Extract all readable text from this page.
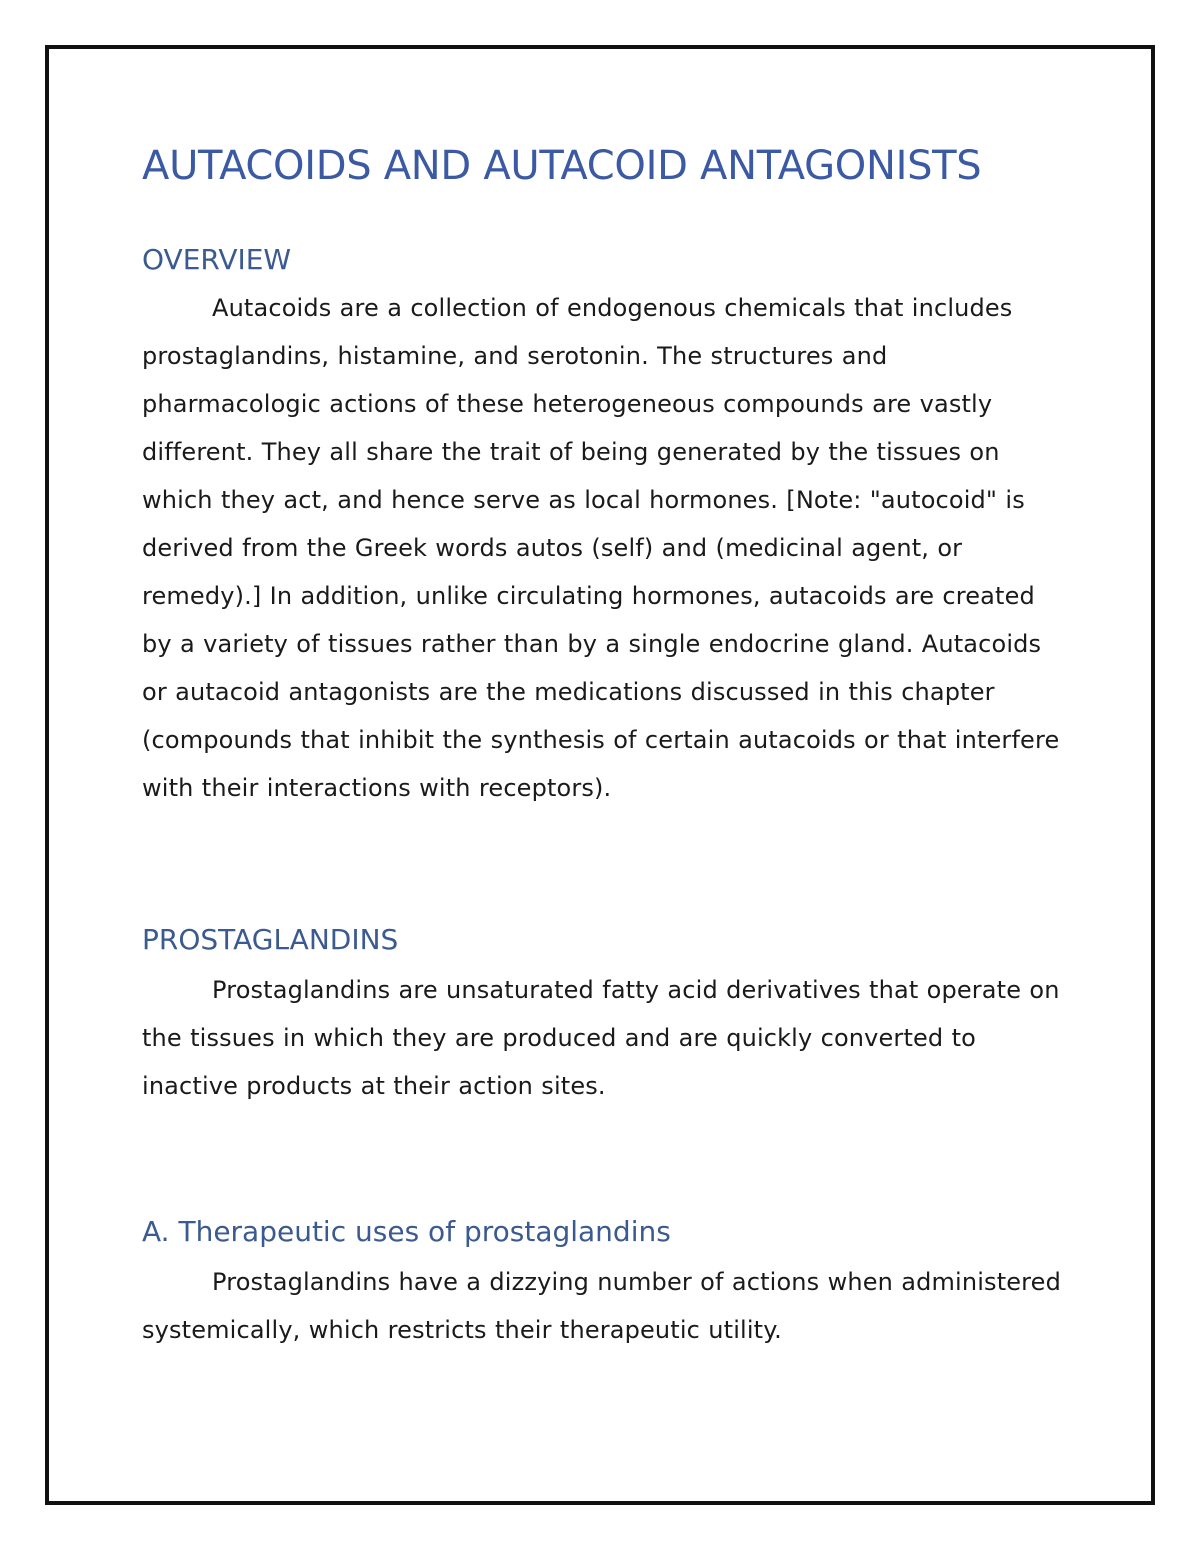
AUTACOIDS AND AUTACOID ANTAGONISTS
OVERVIEW

Autacoids are a collection of endogenous chemicals that includes prostaglandins, histamine, and serotonin. The structures and pharmacologic actions of these heterogeneous compounds are vastly different. They all share the trait of being generated by the tissues on which they act, and hence serve as local hormones. [Note: "autocoid" is derived from the Greek words autos (self) and (medicinal agent, or remedy).] In addition, unlike circulating hormones, autacoids are created by a variety of tissues rather than by a single endocrine gland. Autacoids or autacoid antagonists are the medications discussed in this chapter (compounds that inhibit the synthesis of certain autacoids or that interfere with their interactions with receptors).

PROSTAGLANDINS

Prostaglandins are unsaturated fatty acid derivatives that operate on the tissues in which they are produced and are quickly converted to inactive products at their action sites.

A. Therapeutic uses of prostaglandins

Prostaglandins have a dizzying number of actions when administered systemically, which restricts their therapeutic utility.
